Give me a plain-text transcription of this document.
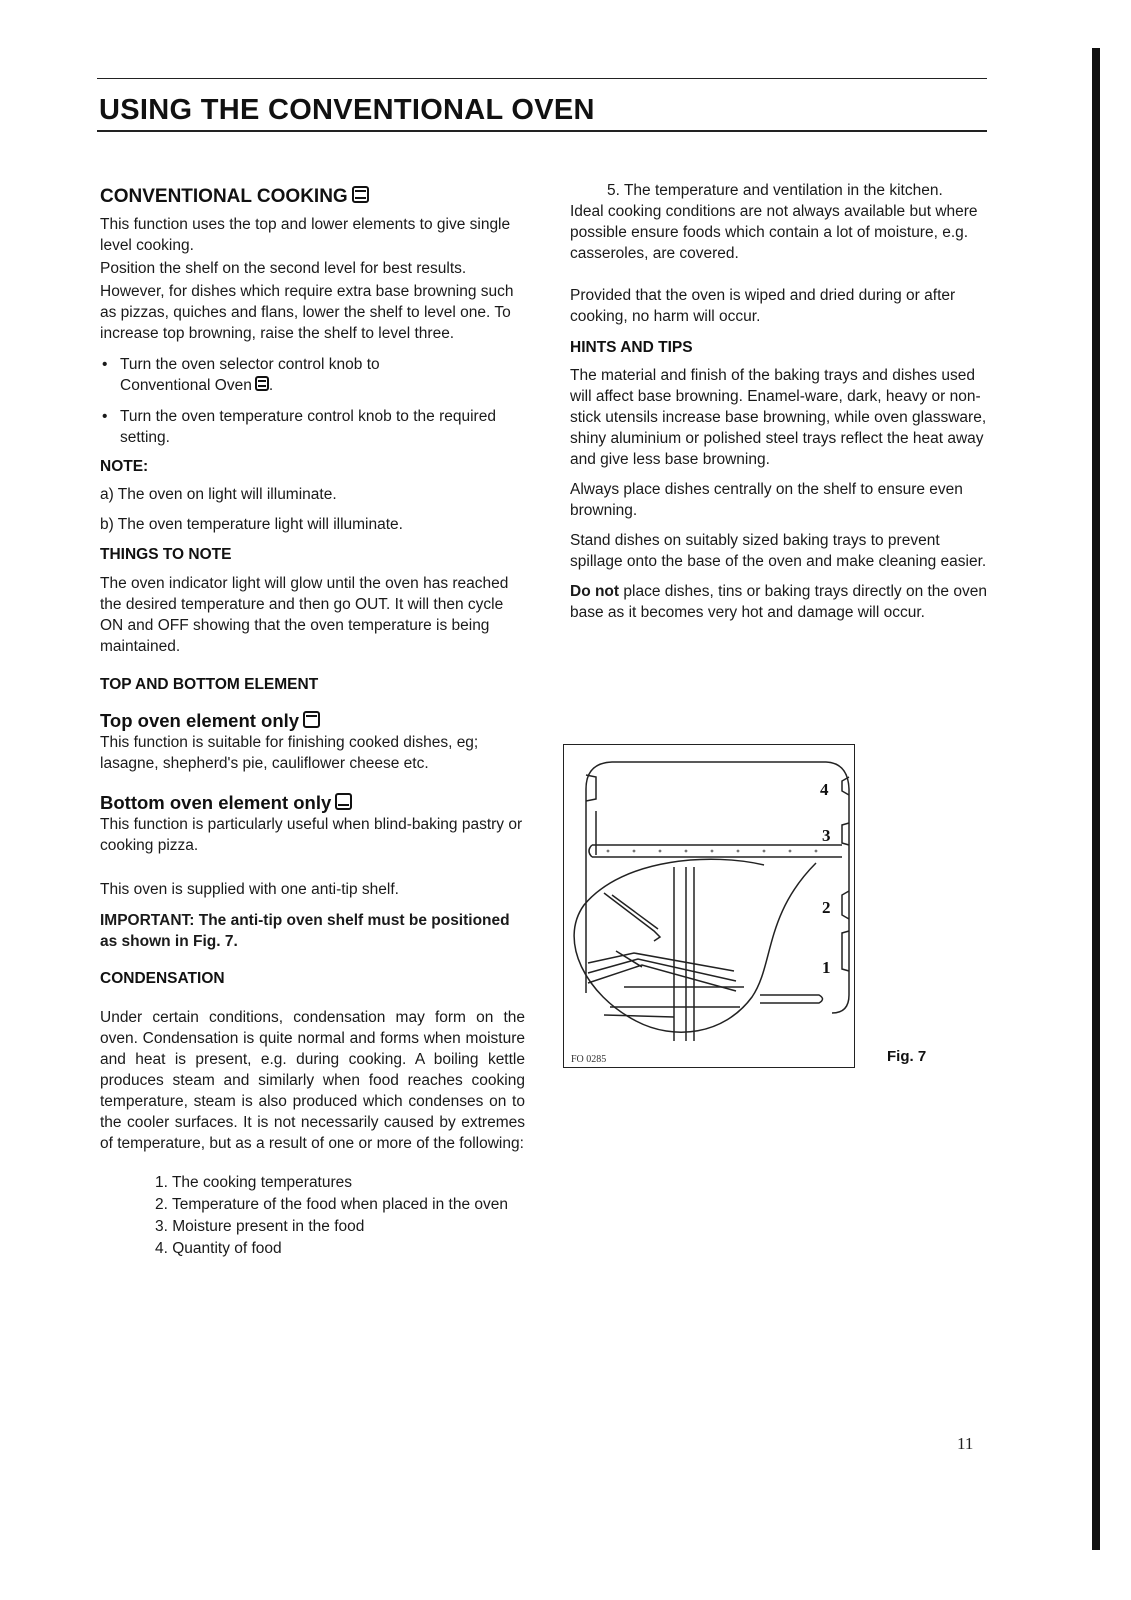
USING THE CONVENTIONAL OVEN
CONVENTIONAL COOKING

This function uses the top and lower elements to give single level cooking.

Position the shelf on the second level for best results.

However, for dishes which require extra base browning such as pizzas, quiches and flans, lower the shelf to level one. To increase top browning, raise the shelf to level three.

• Turn the oven selector control knob to
Conventional Oven .
• Turn the oven temperature control knob to the required setting.
NOTE:

a) The oven on light will illuminate.

b) The oven temperature light will illuminate.

THINGS TO NOTE

The oven indicator light will glow until the oven has reached the desired temperature and then go OUT. It will then cycle ON and OFF showing that the oven temperature is being maintained.

TOP AND BOTTOM ELEMENT
Top oven element only

This function is suitable for finishing cooked dishes, eg; lasagne, shepherd's pie, cauliflower cheese etc.

Bottom oven element only

This function is particularly useful when blind-baking pastry or cooking pizza.

This oven is supplied with one anti-tip shelf.

IMPORTANT: The anti-tip oven shelf must be positioned as shown in Fig. 7.

CONDENSATION

Under certain conditions, condensation may form on the oven. Condensation is quite normal and forms when moisture and heat is present, e.g. during cooking. A boiling kettle produces steam and similarly when food reaches cooking temperature, steam is also produced which condenses on to the cooler surfaces. It is not necessarily caused by extremes of temperature, but as a result of one or more of the following:

1. The cooking temperatures
2. Temperature of the food when placed in the oven
3. Moisture present in the food
4. Quantity of food

5. The temperature and ventilation in the kitchen.

Ideal cooking conditions are not always available but where possible ensure foods which contain a lot of moisture, e.g. casseroles, are covered.

Provided that the oven is wiped and dried during or after cooking, no harm will occur.

HINTS AND TIPS

The material and finish of the baking trays and dishes used will affect base browning. Enamel-ware, dark, heavy or non-stick utensils increase base browning, while oven glassware, shiny aluminium or polished steel trays reflect the heat away and give less base browning.

Always place dishes centrally on the shelf to ensure even browning.

Stand dishes on suitably sized baking trays to prevent spillage onto the base of the oven and make cleaning easier.

Do not place dishes, tins or baking trays directly on the oven base as it becomes very hot and damage will occur.

4
3
2
1
FO 0285	Fig. 7
11
